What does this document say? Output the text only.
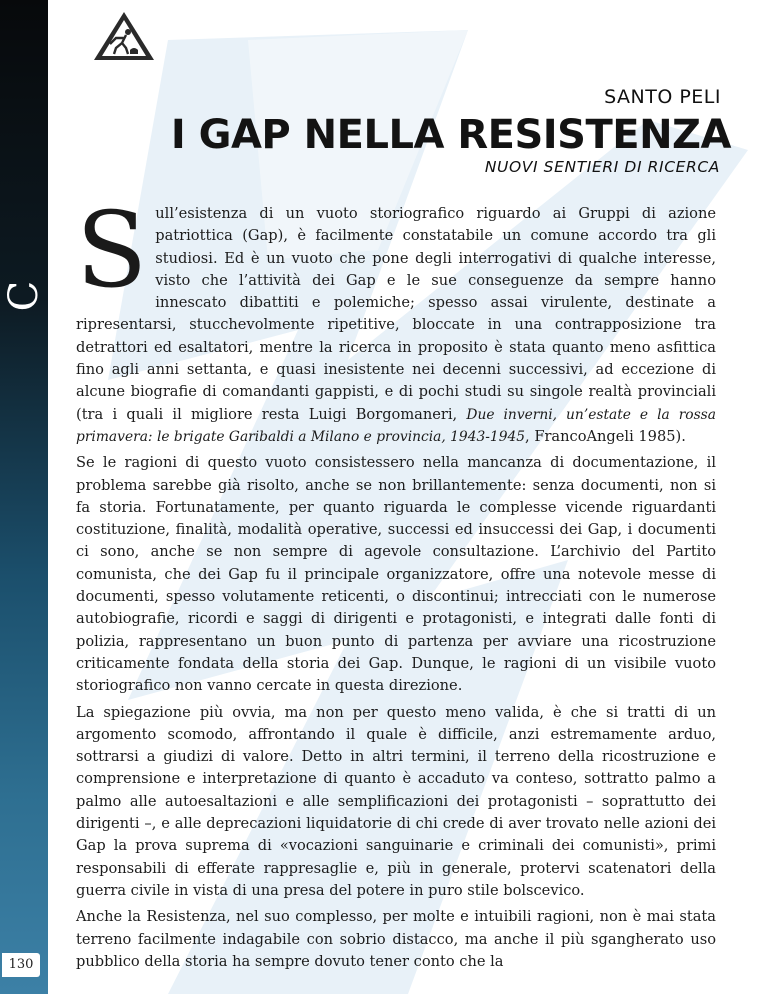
C
130
SANTO PELI
I GAP NELLA RESISTENZA
NUOVI SENTIERI DI RICERCA

Sull’esistenza di un vuoto storiografico riguardo ai Gruppi di azione patriottica (Gap), è facilmente constatabile un comune accordo tra gli studiosi. Ed è un vuoto che pone degli interrogativi di qualche interesse, visto che l’attività dei Gap e le sue conseguenze da sempre hanno innescato dibattiti e polemiche; spesso assai virulente, destinate a ripresentarsi, stucchevolmente ripetitive, bloccate in una contrapposizione tra detrattori ed esaltatori, mentre la ricerca in proposito è stata quanto meno asfittica fino agli anni settanta, e quasi inesistente nei decenni successivi, ad eccezione di alcune biografie di comandanti gappisti, e di pochi studi su singole realtà provinciali (tra i quali il migliore resta Luigi Borgomaneri, Due inverni, un’estate e la rossa primavera: le brigate Garibaldi a Milano e provincia, 1943-1945, FrancoAngeli 1985).

Se le ragioni di questo vuoto consistessero nella mancanza di documentazione, il problema sarebbe già risolto, anche se non brillantemente: senza documenti, non si fa storia. Fortunatamente, per quanto riguarda le complesse vicende riguardanti costituzione, finalità, modalità operative, successi ed insuccessi dei Gap, i documenti ci sono, anche se non sempre di agevole consultazione. L’archivio del Partito comunista, che dei Gap fu il principale organizzatore, offre una notevole messe di documenti, spesso volutamente reticenti, o discontinui; intrecciati con le numerose autobiografie, ricordi e saggi di dirigenti e protagonisti, e integrati dalle fonti di polizia, rappresentano un buon punto di partenza per avviare una ricostruzione criticamente fondata della storia dei Gap. Dunque, le ragioni di un visibile vuoto storiografico non vanno cercate in questa direzione.

La spiegazione più ovvia, ma non per questo meno valida, è che si tratti di un argomento scomodo, affrontando il quale è difficile, anzi estremamente arduo, sottrarsi a giudizi di valore. Detto in altri termini, il terreno della ricostruzione e comprensione e interpretazione di quanto è accaduto va conteso, sottratto palmo a palmo alle autoesaltazioni e alle semplificazioni dei protagonisti – soprattutto dei dirigenti –, e alle deprecazioni liquidatorie di chi crede di aver trovato nelle azioni dei Gap la prova suprema di «vocazioni sanguinarie e criminali dei comunisti», primi responsabili di efferate rappresaglie e, più in generale, protervi scatenatori della guerra civile in vista di una presa del potere in puro stile bolscevico.

Anche la Resistenza, nel suo complesso, per molte e intuibili ragioni, non è mai stata terreno facilmente indagabile con sobrio distacco, ma anche il più sgangherato uso pubblico della storia ha sempre dovuto tener conto che la
